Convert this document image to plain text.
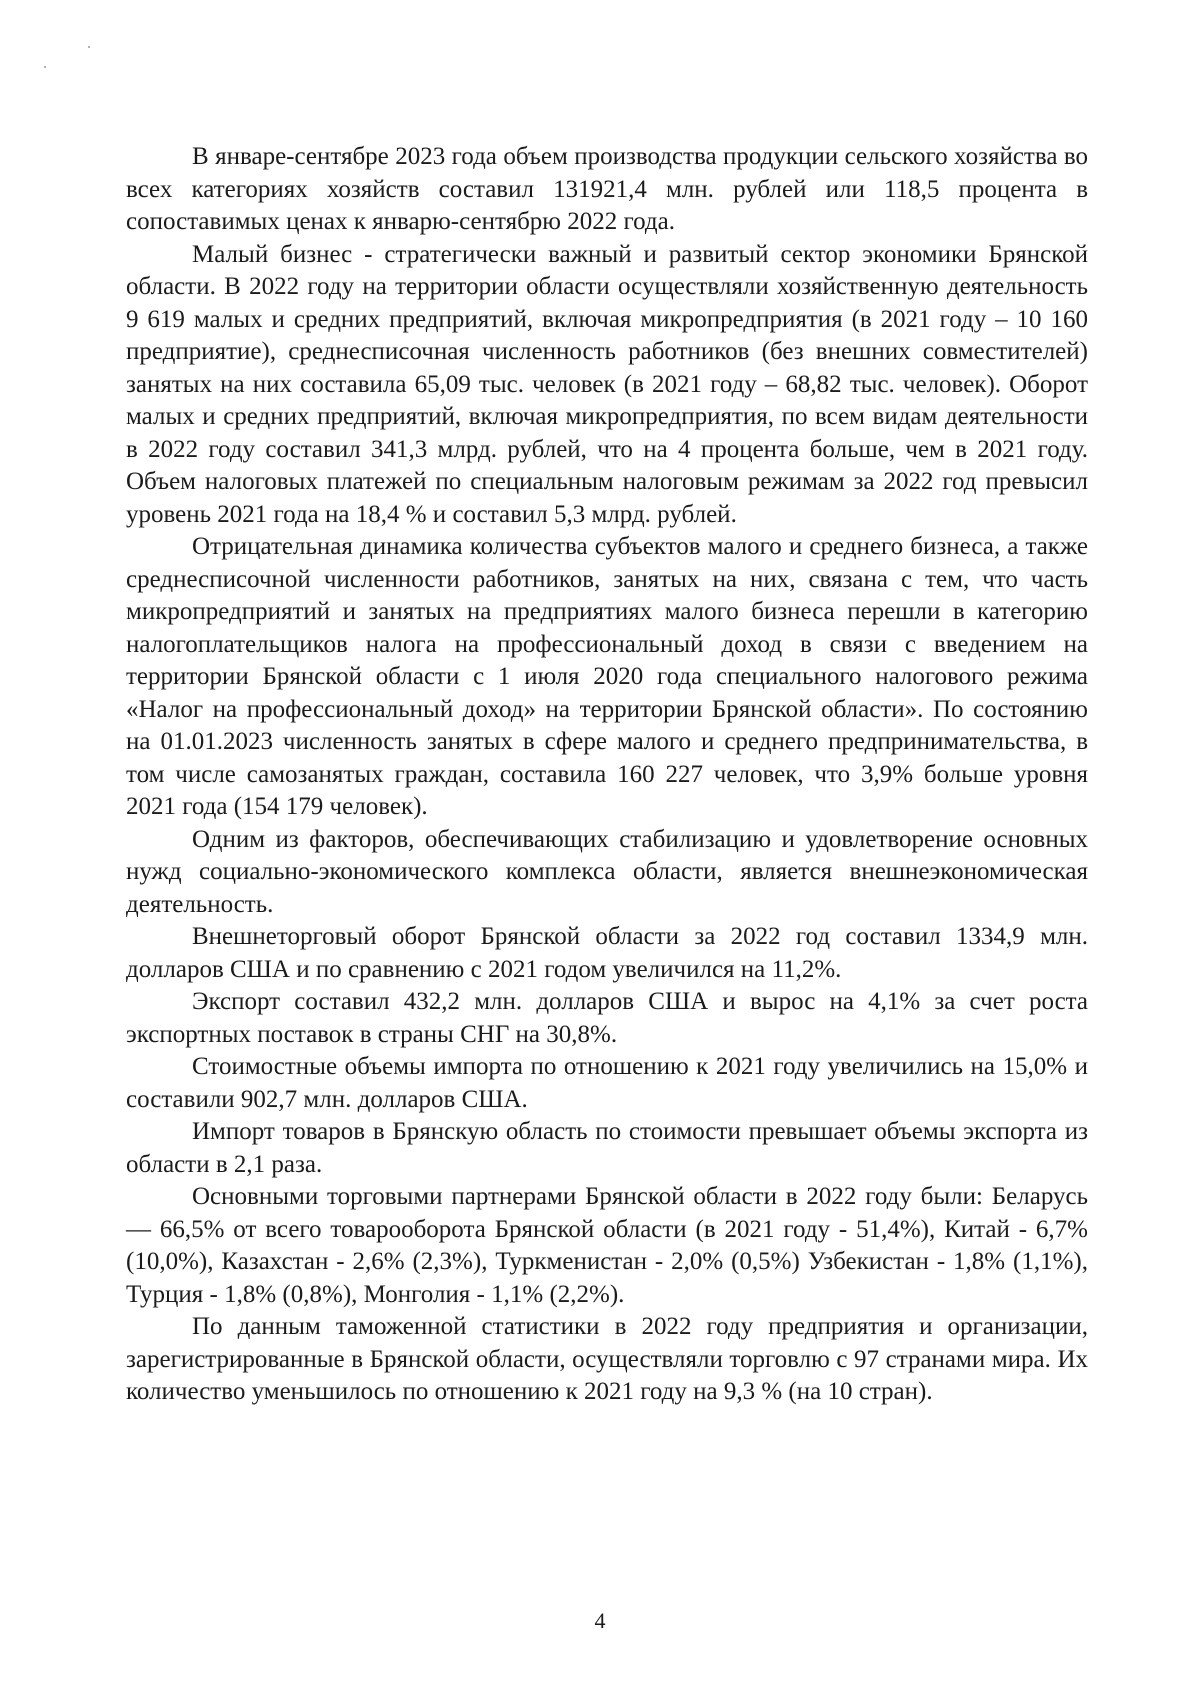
В январе-сентябре 2023 года объем производства продукции сельского хозяйства во всех категориях хозяйств составил 131921,4 млн. рублей или 118,5 процента в сопоставимых ценах к январю-сентябрю 2022 года.

Малый бизнес - стратегически важный и развитый сектор экономики Брянской области. В 2022 году на территории области осуществляли хозяйственную деятельность 9 619 малых и средних предприятий, включая микропредприятия (в 2021 году – 10 160 предприятие), среднесписочная численность работников (без внешних совместителей) занятых на них составила 65,09 тыс. человек (в 2021 году – 68,82 тыс. человек). Оборот малых и средних предприятий, включая микропредприятия, по всем видам деятельности в 2022 году составил 341,3 млрд. рублей, что на 4 процента больше, чем в 2021 году. Объем налоговых платежей по специальным налоговым режимам за 2022 год превысил уровень 2021 года на 18,4 % и составил 5,3 млрд. рублей.

Отрицательная динамика количества субъектов малого и среднего бизнеса, а также среднесписочной численности работников, занятых на них, связана с тем, что часть микропредприятий и занятых на предприятиях малого бизнеса перешли в категорию налогоплательщиков налога на профессиональный доход в связи с введением на территории Брянской области с 1 июля 2020 года специального налогового режима «Налог на профессиональный доход» на территории Брянской области». По состоянию на 01.01.2023 численность занятых в сфере малого и среднего предпринимательства, в том числе самозанятых граждан, составила 160 227 человек, что 3,9% больше уровня 2021 года (154 179 человек).

Одним из факторов, обеспечивающих стабилизацию и удовлетворение основных нужд социально-экономического комплекса области, является внешнеэкономическая деятельность.

Внешнеторговый оборот Брянской области за 2022 год составил 1334,9 млн. долларов США и по сравнению с 2021 годом увеличился на 11,2%.

Экспорт составил 432,2 млн. долларов США и вырос на 4,1% за счет роста экспортных поставок в страны СНГ на 30,8%.

Стоимостные объемы импорта по отношению к 2021 году увеличились на 15,0% и составили 902,7 млн. долларов США.

Импорт товаров в Брянскую область по стоимости превышает объемы экспорта из области в 2,1 раза.

Основными торговыми партнерами Брянской области в 2022 году были: Беларусь — 66,5% от всего товарооборота Брянской области (в 2021 году - 51,4%), Китай - 6,7% (10,0%), Казахстан - 2,6% (2,3%), Туркменистан - 2,0% (0,5%) Узбекистан - 1,8% (1,1%), Турция - 1,8% (0,8%), Монголия - 1,1% (2,2%).

По данным таможенной статистики в 2022 году предприятия и организации, зарегистрированные в Брянской области, осуществляли торговлю с 97 странами мира. Их количество уменьшилось по отношению к 2021 году на 9,3 % (на 10 стран).

4
